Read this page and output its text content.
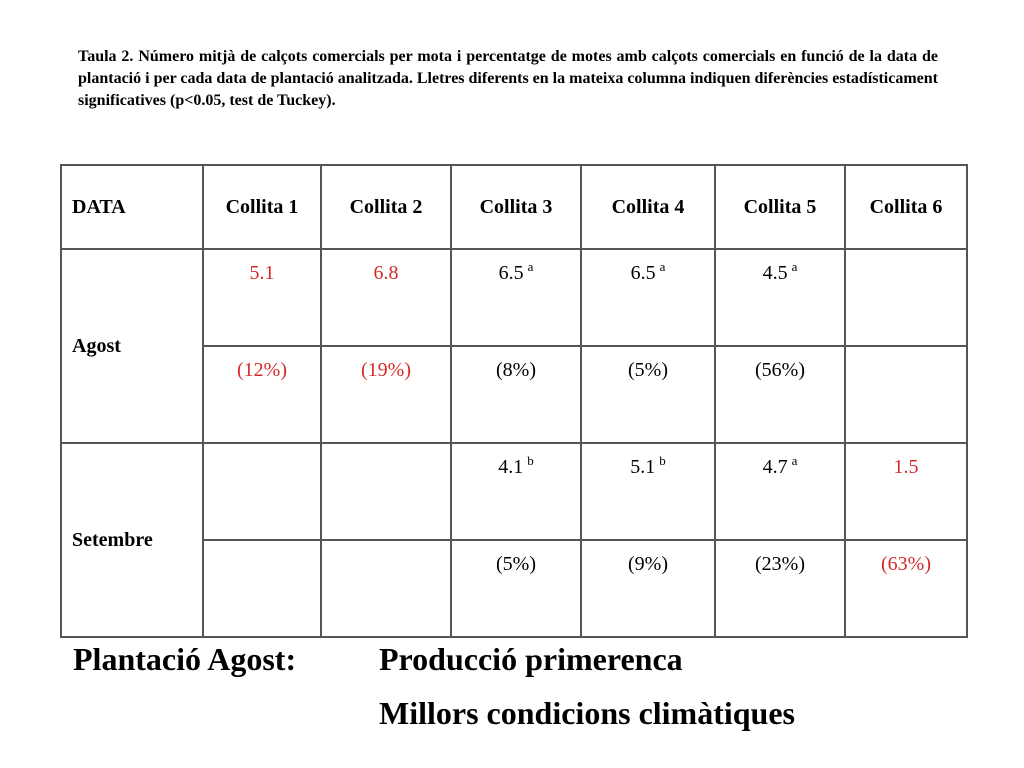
Taula 2. Número mitjà de calçots comercials per mota i percentatge de motes amb calçots comercials en funció de la data de plantació i per cada data de plantació analitzada. Lletres diferents en la mateixa columna indiquen diferències estadísticament significatives (p<0.05, test de Tuckey).
DATA	Collita 1	Collita 2	Collita 3	Collita 4	Collita 5	Collita 6
Agost	5.1	6.8	6.5 $^a$	6.5 $^a$	4.5 $^a$	
	(12%)	(19%)	(8%)	(5%)	(56%)	
Setembre			4.1 $^b$	5.1 $^b$	4.7 $^a$	1.5
			(5%)	(9%)	(23%)	(63%)
Plantació Agost:	Producció primerenca
Millors condicions climàtiques
